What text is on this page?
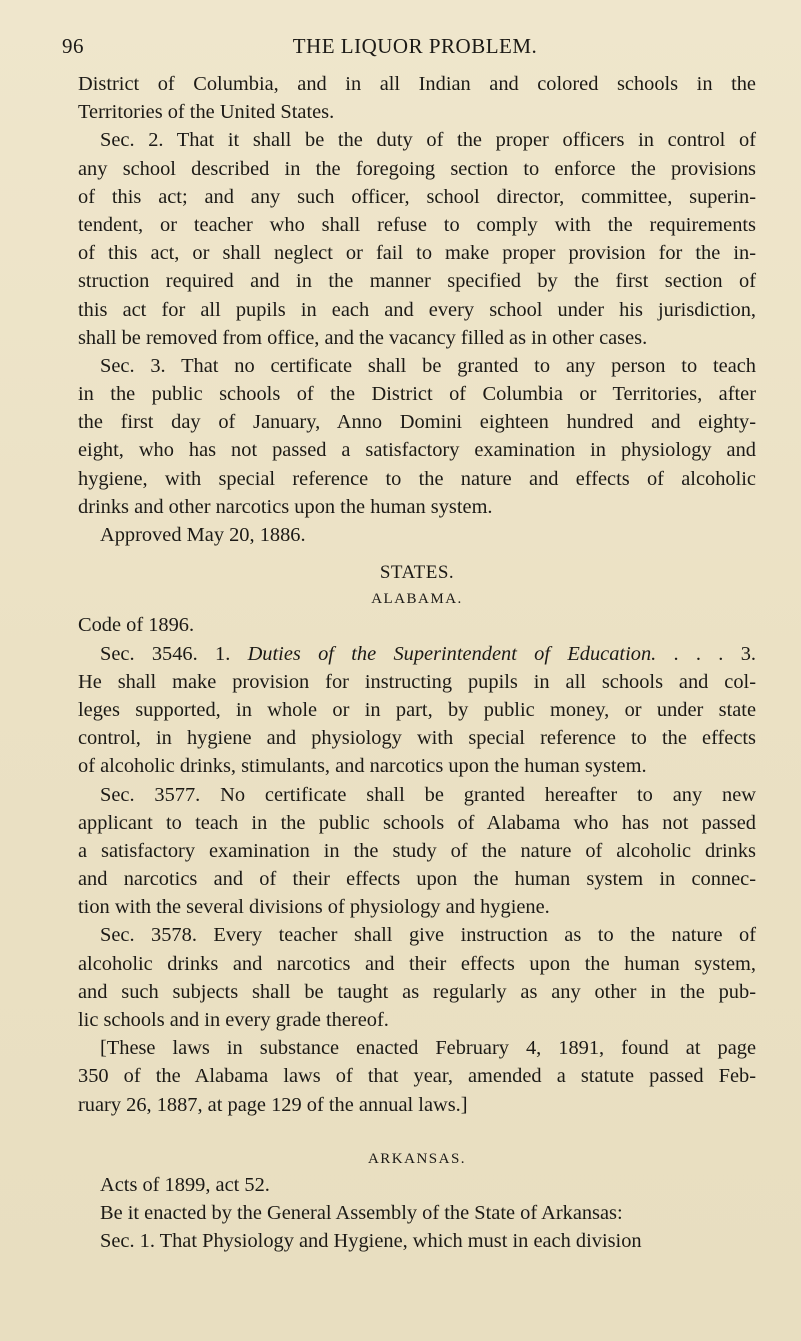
96	THE LIQUOR PROBLEM.
District of Columbia, and in all Indian and colored schools in the
Territories of the United States.
Sec. 2. That it shall be the duty of the proper officers in control of
any school described in the foregoing section to enforce the provisions
of this act; and any such officer, school director, committee, superin-
tendent, or teacher who shall refuse to comply with the requirements
of this act, or shall neglect or fail to make proper provision for the in-
struction required and in the manner specified by the first section of
this act for all pupils in each and every school under his jurisdiction,
shall be removed from office, and the vacancy filled as in other cases.
Sec. 3. That no certificate shall be granted to any person to teach
in the public schools of the District of Columbia or Territories, after
the first day of January, Anno Domini eighteen hundred and eighty-
eight, who has not passed a satisfactory examination in physiology and
hygiene, with special reference to the nature and effects of alcoholic
drinks and other narcotics upon the human system.
Approved May 20, 1886.
STATES.
ALABAMA.
Code of 1896.
Sec. 3546. 1. Duties of the Superintendent of Education. . . . 3.
He shall make provision for instructing pupils in all schools and col-
leges supported, in whole or in part, by public money, or under state
control, in hygiene and physiology with special reference to the effects
of alcoholic drinks, stimulants, and narcotics upon the human system.
Sec. 3577. No certificate shall be granted hereafter to any new
applicant to teach in the public schools of Alabama who has not passed
a satisfactory examination in the study of the nature of alcoholic drinks
and narcotics and of their effects upon the human system in connec-
tion with the several divisions of physiology and hygiene.
Sec. 3578. Every teacher shall give instruction as to the nature of
alcoholic drinks and narcotics and their effects upon the human system,
and such subjects shall be taught as regularly as any other in the pub-
lic schools and in every grade thereof.
[These laws in substance enacted February 4, 1891, found at page
350 of the Alabama laws of that year, amended a statute passed Feb-
ruary 26, 1887, at page 129 of the annual laws.]
ARKANSAS.
Acts of 1899, act 52.
Be it enacted by the General Assembly of the State of Arkansas:
Sec. 1. That Physiology and Hygiene, which must in each division
